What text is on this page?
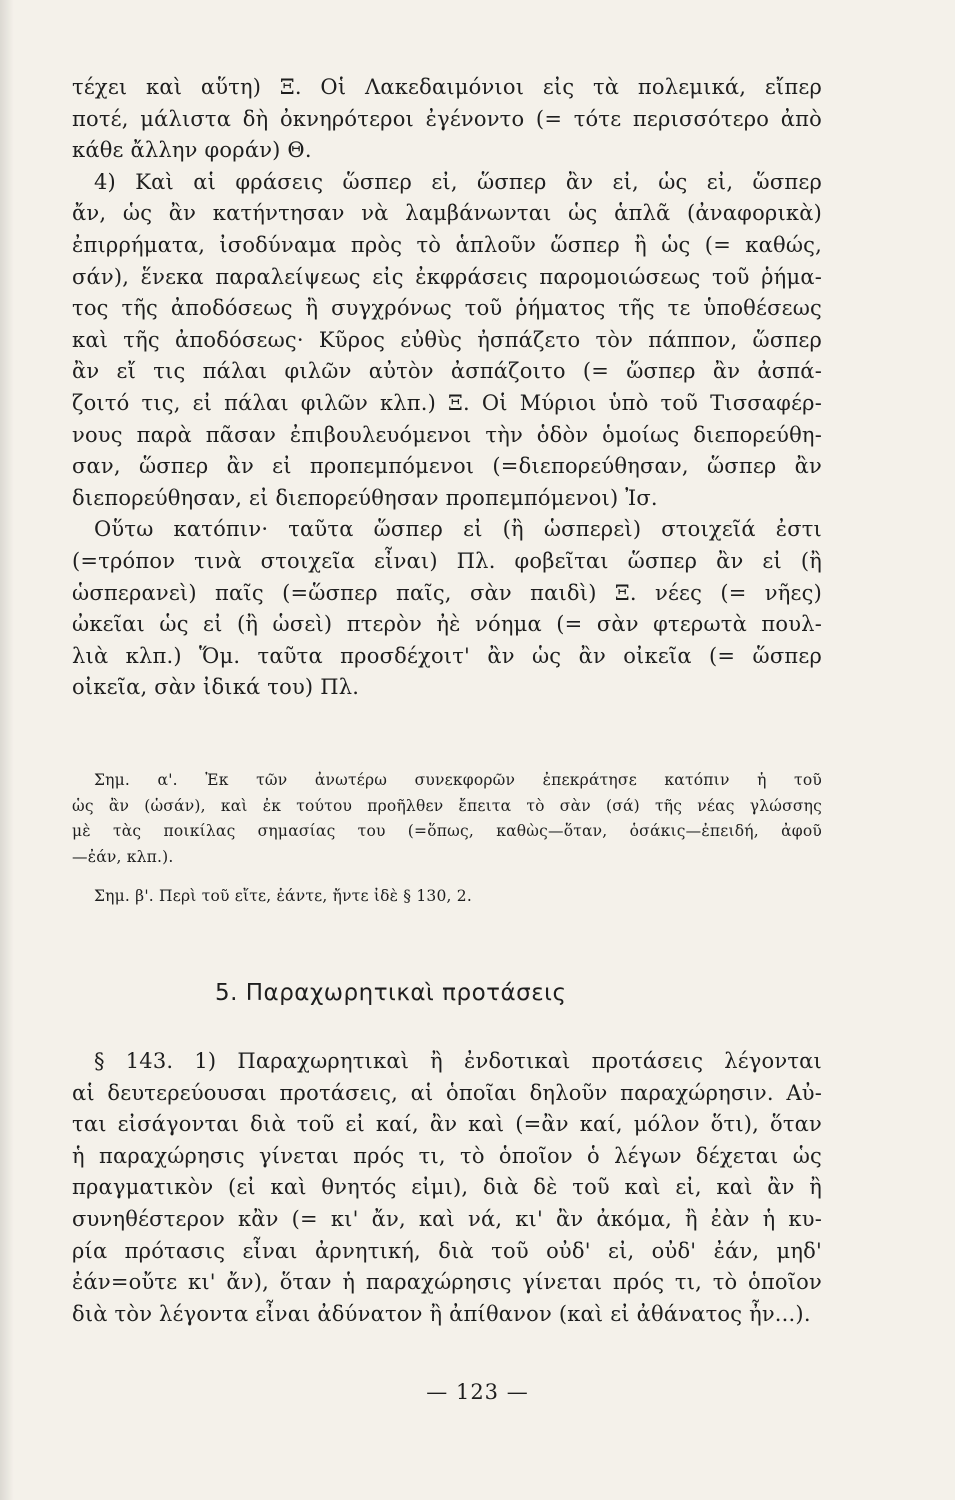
τέχει καὶ αὕτη) Ξ. Οἱ Λακεδαιμόνιοι εἰς τὰ πολεμικά, εἴπερ
ποτέ, μάλιστα δὴ ὀκνηρότεροι ἐγένοντο (= τότε περισσότερο ἀπὸ
κάθε ἄλλην φοράν) Θ.
4) Καὶ αἱ φράσεις ὥσπερ εἰ, ὥσπερ ἂν εἰ, ὡς εἰ, ὥσπερ
ἄν, ὡς ἂν κατήντησαν νὰ λαμβάνωνται ὡς ἁπλᾶ (ἀναφορικὰ)
ἐπιρρήματα, ἰσοδύναμα πρὸς τὸ ἁπλοῦν ὥσπερ ἢ ὡς (= καθώς,
σάν), ἕνεκα παραλείψεως εἰς ἐκφράσεις παρομοιώσεως τοῦ ῥήμα-
τος τῆς ἀποδόσεως ἢ συγχρόνως τοῦ ῥήματος τῆς τε ὑποθέσεως
καὶ τῆς ἀποδόσεως· Κῦρος εὐθὺς ἠσπάζετο τὸν πάππον, ὥσπερ
ἂν εἴ τις πάλαι φιλῶν αὐτὸν ἀσπάζοιτο (= ὥσπερ ἂν ἀσπά-
ζοιτό τις, εἰ πάλαι φιλῶν κλπ.) Ξ. Οἱ Μύριοι ὑπὸ τοῦ Τισσαφέρ-
νους παρὰ πᾶσαν ἐπιβουλευόμενοι τὴν ὁδὸν ὁμοίως διεπορεύθη-
σαν, ὥσπερ ἂν εἰ προπεμπόμενοι (=διεπορεύθησαν, ὥσπερ ἂν
διεπορεύθησαν, εἰ διεπορεύθησαν προπεμπόμενοι) Ἰσ.
Οὕτω κατόπιν· ταῦτα ὥσπερ εἰ (ἢ ὡσπερεὶ) στοιχεῖά ἐστι
(=τρόπον τινὰ στοιχεῖα εἶναι) Πλ. φοβεῖται ὥσπερ ἂν εἰ (ἢ
ὡσπερανεὶ) παῖς (=ὥσπερ παῖς, σὰν παιδὶ) Ξ. νέες (= νῆες)
ὠκεῖαι ὡς εἰ (ἢ ὡσεὶ) πτερὸν ἠὲ νόημα (= σὰν φτερωτὰ πουλ-
λιὰ κλπ.) Ὅμ. ταῦτα προσδέχοιτ' ἂν ὡς ἂν οἰκεῖα (= ὥσπερ
οἰκεῖα, σὰν ἰδικά του) Πλ.
Σημ. α'. Ἐκ τῶν ἀνωτέρω συνεκφορῶν ἐπεκράτησε κατόπιν ἡ τοῦ
ὡς ἂν (ὡσάν), καὶ ἐκ τούτου προῆλθεν ἔπειτα τὸ σὰν (σά) τῆς νέας γλώσσης
μὲ τὰς ποικίλας σημασίας του (=ὅπως, καθὼς—ὅταν, ὁσάκις—ἐπειδή, ἀφοῦ
—ἐάν, κλπ.).
Σημ. β'. Περὶ τοῦ εἴτε, ἐάντε, ἤντε ἰδὲ § 130, 2.
5. Παραχωρητικαὶ προτάσεις
§ 143. 1) Παραχωρητικαὶ ἢ ἐνδοτικαὶ προτάσεις λέγονται
αἱ δευτερεύουσαι προτάσεις, αἱ ὁποῖαι δηλοῦν παραχώρησιν. Αὐ-
ται εἰσάγονται διὰ τοῦ εἰ καί, ἂν καὶ (=ἂν καί, μόλον ὅτι), ὅταν
ἡ παραχώρησις γίνεται πρός τι, τὸ ὁποῖον ὁ λέγων δέχεται ὡς
πραγματικὸν (εἰ καὶ θνητός εἰμι), διὰ δὲ τοῦ καὶ εἰ, καὶ ἂν ἢ
συνηθέστερον κἂν (= κι' ἄν, καὶ νά, κι' ἂν ἀκόμα, ἢ ἐὰν ἡ κυ-
ρία πρότασις εἶναι ἀρνητική, διὰ τοῦ οὐδ' εἰ, οὐδ' ἐάν, μηδ'
ἐάν=οὔτε κι' ἄν), ὅταν ἡ παραχώρησις γίνεται πρός τι, τὸ ὁποῖον
διὰ τὸν λέγοντα εἶναι ἀδύνατον ἢ ἀπίθανον (καὶ εἰ ἀθάνατος ἦν...).
— 123 —
